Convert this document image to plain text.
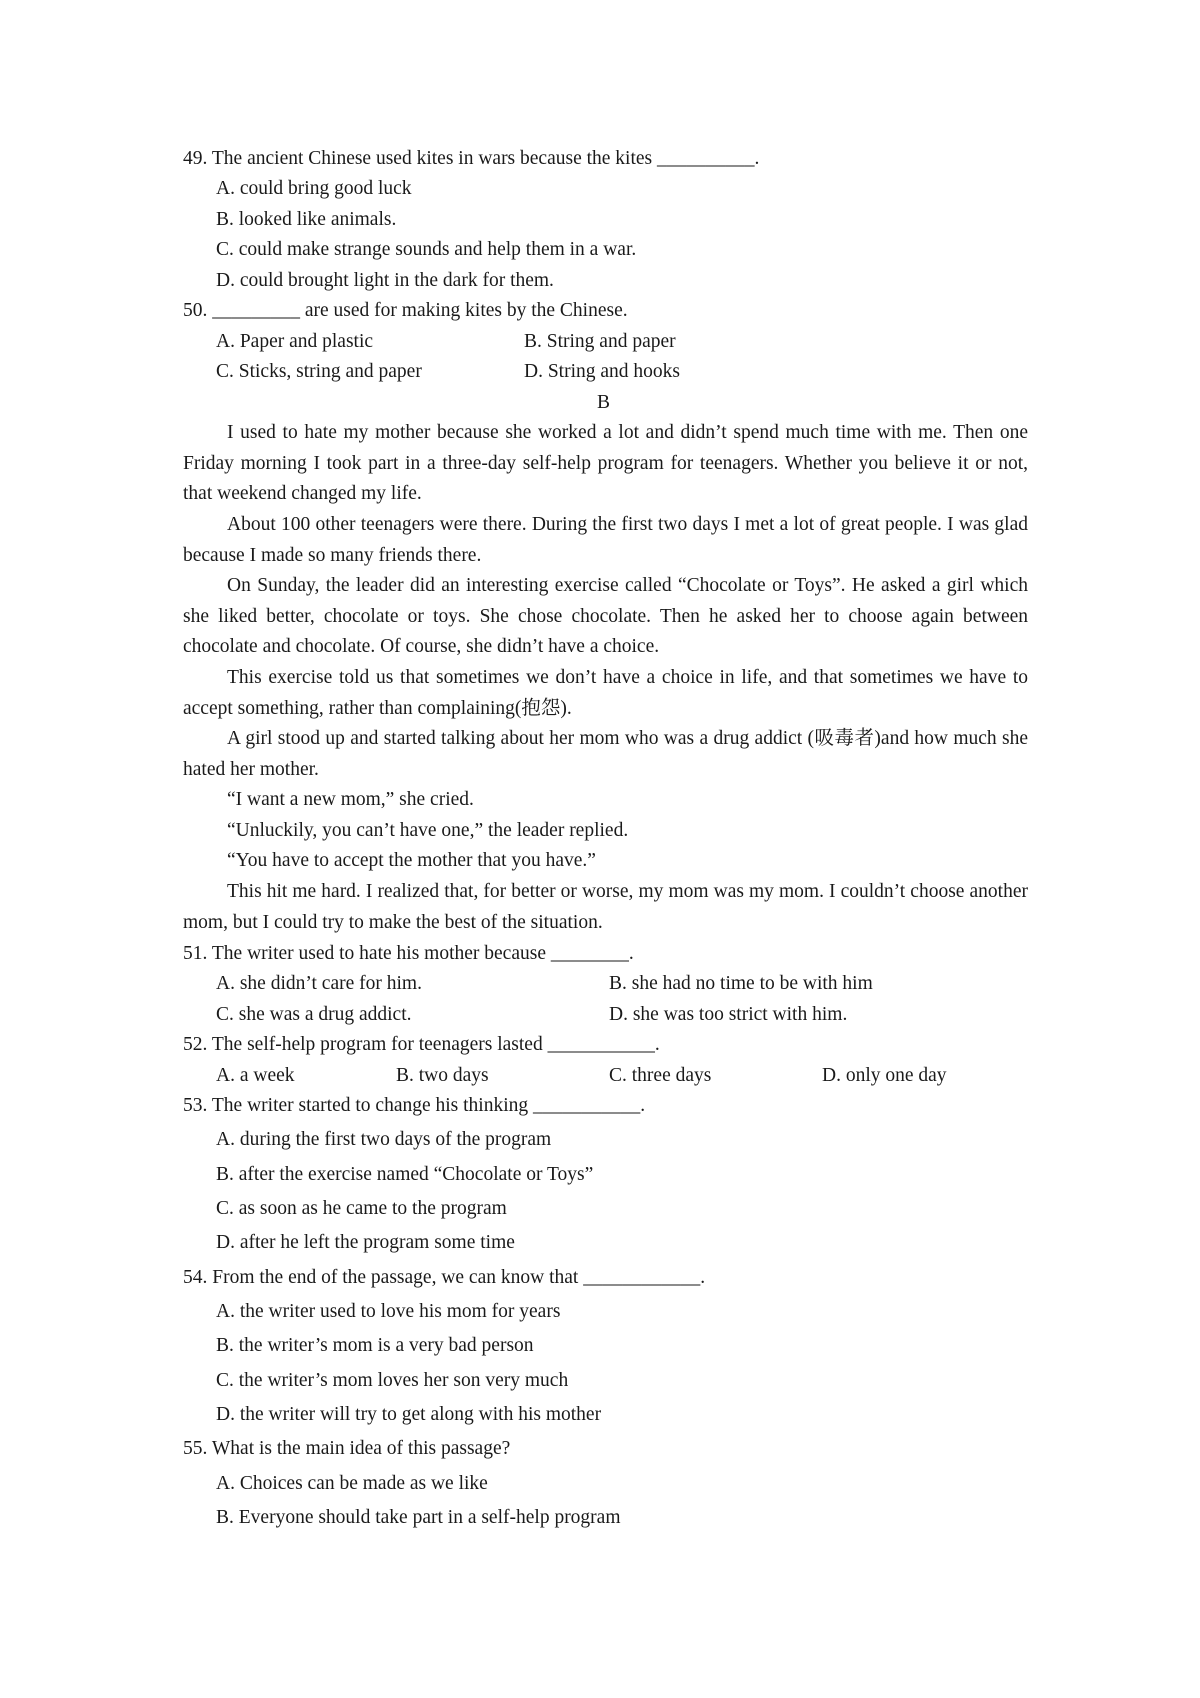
49. The ancient Chinese used kites in wars because the kites __________.
A. could bring good luck
B. looked like animals.
C. could make strange sounds and help them in a war.
D. could brought light in the dark for them.
50. _________ are used for making kites by the Chinese.
A. Paper and plastic	B. String and paper
C. Sticks, string and paper	D. String and hooks
B
I used to hate my mother because she worked a lot and didn’t spend much time with me. Then one Friday morning I took part in a three-day self-help program for teenagers. Whether you believe it or not, that weekend changed my life.
About 100 other teenagers were there. During the first two days I met a lot of great people. I was glad because I made so many friends there.
On Sunday, the leader did an interesting exercise called “Chocolate or Toys”. He asked a girl which she liked better, chocolate or toys. She chose chocolate. Then he asked her to choose again between chocolate and chocolate. Of course, she didn’t have a choice.
This exercise told us that sometimes we don’t have a choice in life, and that sometimes we have to accept something, rather than complaining(抱怨).
A girl stood up and started talking about her mom who was a drug addict (吸毒者)and how much she hated her mother.
“I want a new mom,” she cried.
“Unluckily, you can’t have one,” the leader replied.
“You have to accept the mother that you have.”
This hit me hard. I realized that, for better or worse, my mom was my mom. I couldn’t choose another mom, but I could try to make the best of the situation.
51. The writer used to hate his mother because ________.
A. she didn’t care for him.	B. she had no time to be with him
C. she was a drug addict.	D. she was too strict with him.
52. The self-help program for teenagers lasted ___________.
A. a week	B. two days	C. three days	D. only one day
53. The writer started to change his thinking ___________.
A. during the first two days of the program
B. after the exercise named “Chocolate or Toys”
C. as soon as he came to the program
D. after he left the program some time
54. From the end of the passage, we can know that ____________.
A. the writer used to love his mom for years
B. the writer’s mom is a very bad person
C. the writer’s mom loves her son very much
D. the writer will try to get along with his mother
55. What is the main idea of this passage?
A. Choices can be made as we like
B. Everyone should take part in a self-help program
